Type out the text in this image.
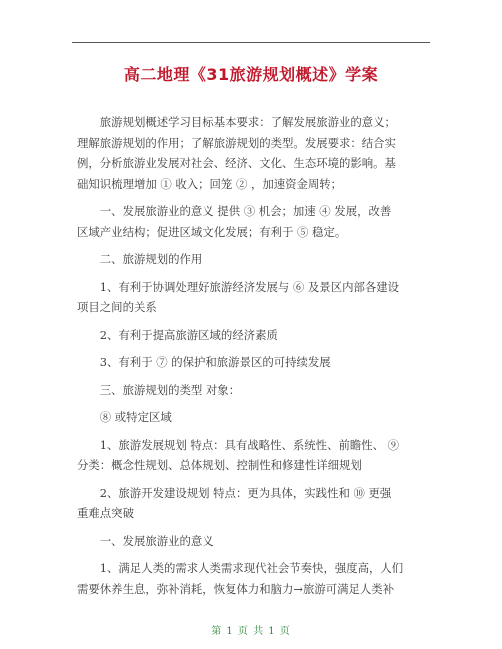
高二地理《31旅游规划概述》学案
　　旅游规划概述学习目标基本要求：了解发展旅游业的意义；
理解旅游规划的作用；了解旅游规划的类型。发展要求：结合实
例，分析旅游业发展对社会、经济、文化、生态环境的影响。基
础知识梳理增加 ① 收入；回笼 ② ，加速资金周转；
　　一、发展旅游业的意义 提供 ③ 机会；加速 ④ 发展，改善
区域产业结构；促进区域文化发展；有利于 ⑤ 稳定。
　　二、旅游规划的作用
　　1、有利于协调处理好旅游经济发展与 ⑥ 及景区内部各建设
项目之间的关系
　　2、有利于提高旅游区域的经济素质
　　3、有利于 ⑦ 的保护和旅游景区的可持续发展
　　三、旅游规划的类型 对象：
　　⑧ 或特定区域
　　1、旅游发展规划 特点：具有战略性、系统性、前瞻性、 ⑨
分类：概念性规划、总体规划、控制性和修建性详细规划
　　2、旅游开发建设规划 特点：更为具体，实践性和 ⑩ 更强
重难点突破
　　一、发展旅游业的意义
　　1、满足人类的需求人类需求现代社会节奏快，强度高，人们
需要休养生息，弥补消耗，恢复体力和脑力→旅游可满足人类补
第 1 页 共 1 页
